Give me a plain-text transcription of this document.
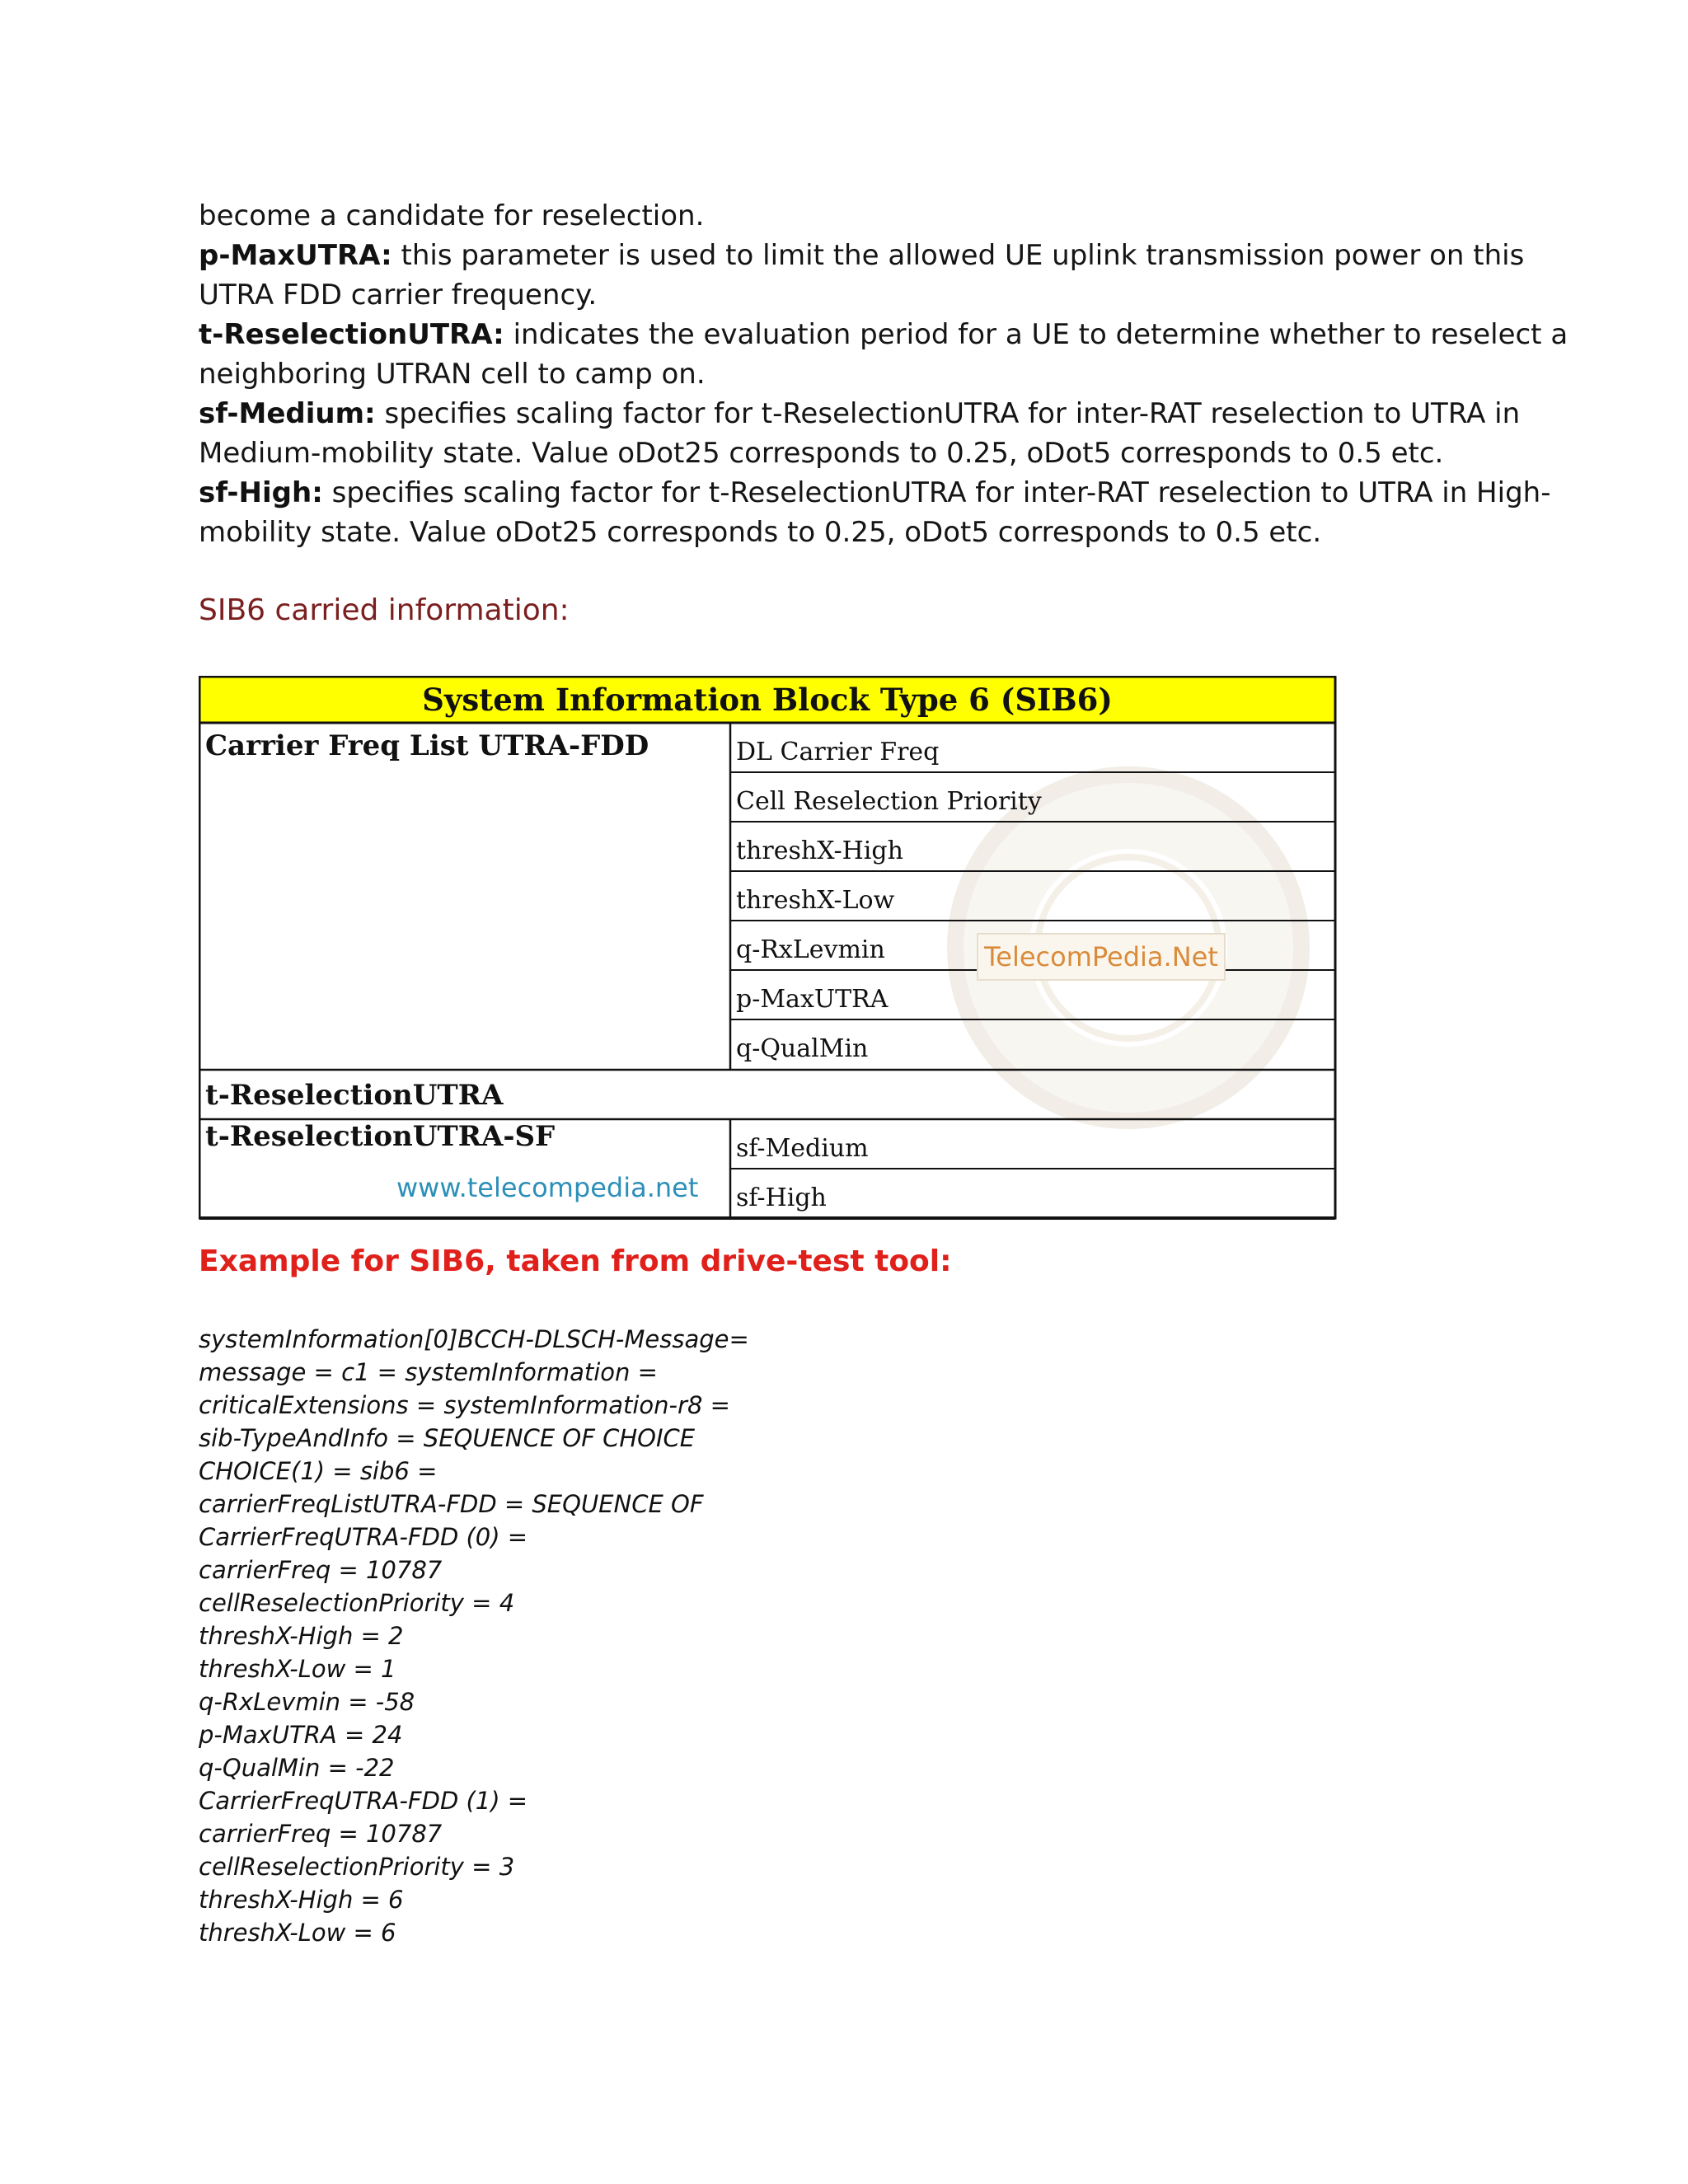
become a candidate for reselection.
p-MaxUTRA: this parameter is used to limit the allowed UE uplink transmission power on this
UTRA FDD carrier frequency.
t-ReselectionUTRA: indicates the evaluation period for a UE to determine whether to reselect a
neighboring UTRAN cell to camp on.
sf-Medium: specifies scaling factor for t-ReselectionUTRA for inter-RAT reselection to UTRA in
Medium-mobility state. Value oDot25 corresponds to 0.25, oDot5 corresponds to 0.5 etc.
sf-High: specifies scaling factor for t-ReselectionUTRA for inter-RAT reselection to UTRA in High-
mobility state. Value oDot25 corresponds to 0.25, oDot5 corresponds to 0.5 etc.
SIB6 carried information:
System Information Block Type 6 (SIB6)
Carrier Freq List UTRA-FDD	DL Carrier Freq
Cell Reselection Priority
threshX-High
threshX-Low
q-RxLevmin
p-MaxUTRA
q-QualMin
TelecomPedia.Net
t-ReselectionUTRA
t-ReselectionUTRA-SF
www.telecompedia.net
sf-Medium
sf-High
Example for SIB6, taken from drive-test tool:
systemInformation[0]BCCH-DLSCH-Message=
message = c1 = systemInformation =
criticalExtensions = systemInformation-r8 =
sib-TypeAndInfo = SEQUENCE OF CHOICE
CHOICE(1) = sib6 =
carrierFreqListUTRA-FDD = SEQUENCE OF
CarrierFreqUTRA-FDD (0) =
carrierFreq = 10787
cellReselectionPriority = 4
threshX-High = 2
threshX-Low = 1
q-RxLevmin = -58
p-MaxUTRA = 24
q-QualMin = -22
CarrierFreqUTRA-FDD (1) =
carrierFreq = 10787
cellReselectionPriority = 3
threshX-High = 6
threshX-Low = 6
